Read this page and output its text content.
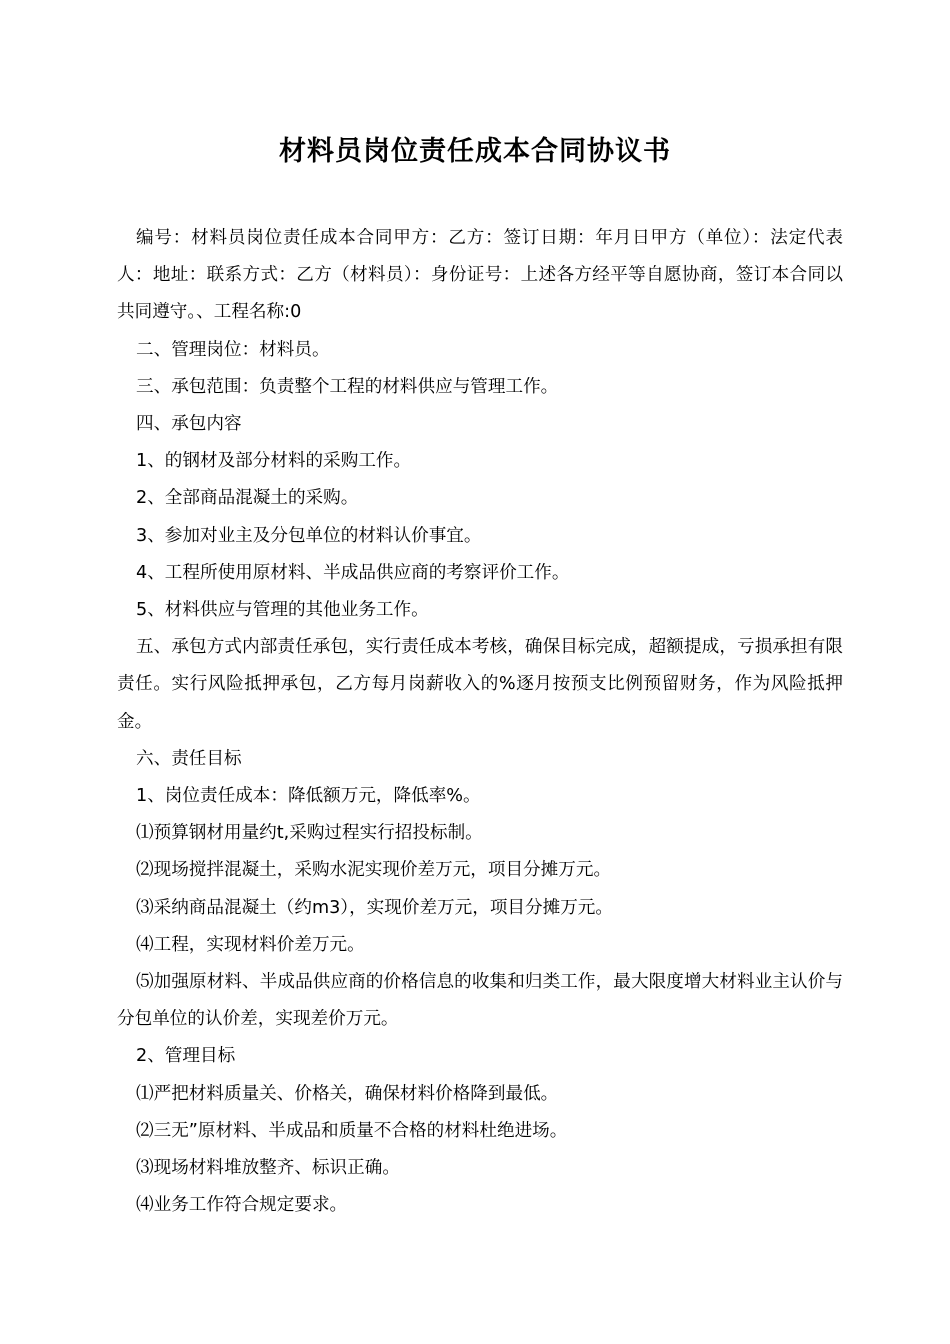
材料员岗位责任成本合同协议书

编号：材料员岗位责任成本合同甲方：乙方：签订日期：年月日甲方（单位）：法定代表人：地址：联系方式：乙方（材料员）：身份证号：上述各方经平等自愿协商，签订本合同以共同遵守。、工程名称:0

二、管理岗位：材料员。

三、承包范围：负责整个工程的材料供应与管理工作。

四、承包内容

1、的钢材及部分材料的采购工作。

2、全部商品混凝土的采购。

3、参加对业主及分包单位的材料认价事宜。

4、工程所使用原材料、半成品供应商的考察评价工作。

5、材料供应与管理的其他业务工作。

五、承包方式内部责任承包，实行责任成本考核，确保目标完成，超额提成，亏损承担有限责任。实行风险抵押承包，乙方每月岗薪收入的%逐月按预支比例预留财务，作为风险抵押金。

六、责任目标

1、岗位责任成本：降低额万元，降低率%。

⑴预算钢材用量约t,采购过程实行招投标制。

⑵现场搅拌混凝土，采购水泥实现价差万元，项目分摊万元。

⑶采纳商品混凝土（约m3），实现价差万元，项目分摊万元。

⑷工程，实现材料价差万元。

⑸加强原材料、半成品供应商的价格信息的收集和归类工作，最大限度增大材料业主认价与分包单位的认价差，实现差价万元。

2、管理目标

⑴严把材料质量关、价格关，确保材料价格降到最低。

⑵三无”原材料、半成品和质量不合格的材料杜绝进场。

⑶现场材料堆放整齐、标识正确。

⑷业务工作符合规定要求。
